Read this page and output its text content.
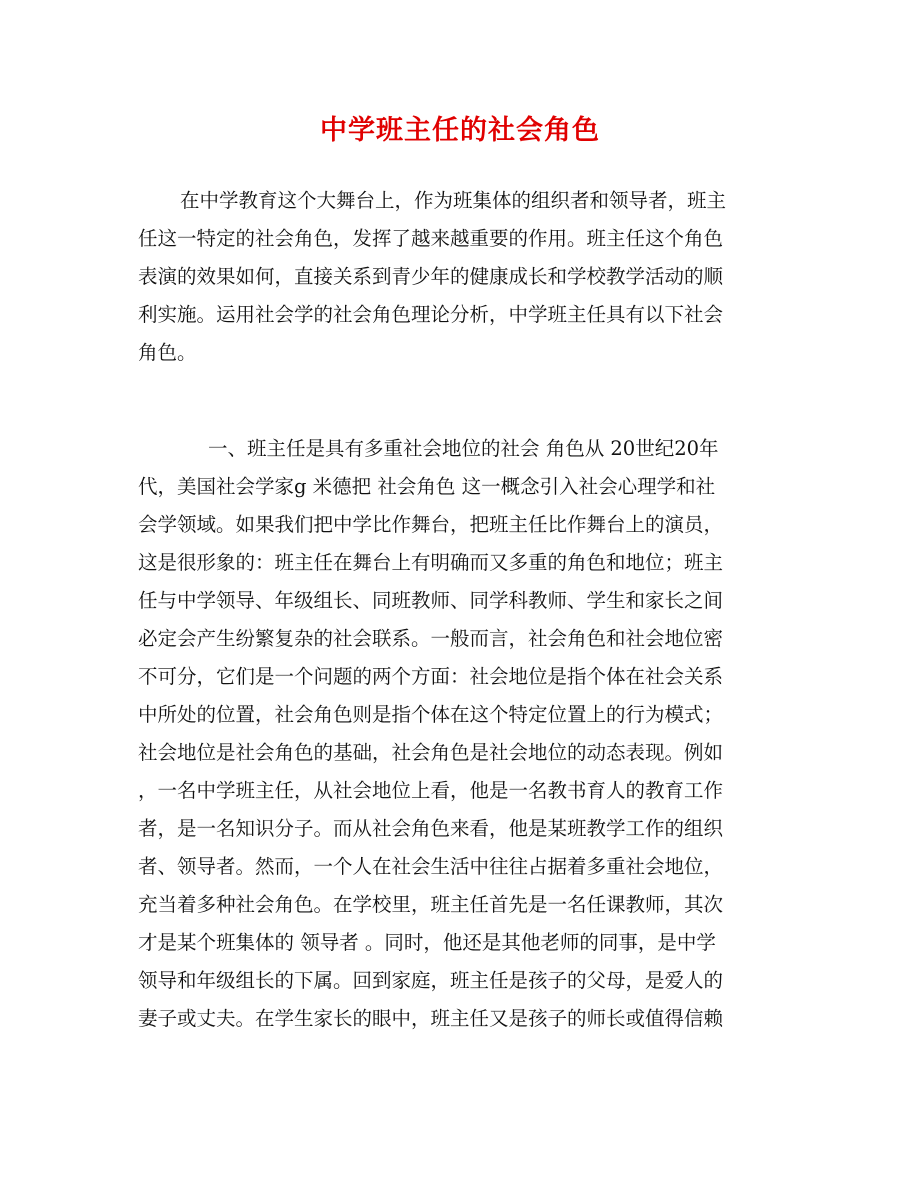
中学班主任的社会角色

在中学教育这个大舞台上，作为班集体的组织者和领导者，班主

任这一特定的社会角色，发挥了越来越重要的作用。班主任这个角色

表演的效果如何，直接关系到青少年的健康成长和学校教学活动的顺

利实施。运用社会学的社会角色理论分析，中学班主任具有以下社会

角色。

一、班主任是具有多重社会地位的社会 角色从 20世纪20年

代，美国社会学家g 米德把 社会角色 这一概念引入社会心理学和社

会学领域。如果我们把中学比作舞台，把班主任比作舞台上的演员，

这是很形象的：班主任在舞台上有明确而又多重的角色和地位；班主

任与中学领导、年级组长、同班教师、同学科教师、学生和家长之间

必定会产生纷繁复杂的社会联系。一般而言，社会角色和社会地位密

不可分，它们是一个问题的两个方面：社会地位是指个体在社会关系

中所处的位置，社会角色则是指个体在这个特定位置上的行为模式；

社会地位是社会角色的基础，社会角色是社会地位的动态表现。例如

，一名中学班主任，从社会地位上看，他是一名教书育人的教育工作

者，是一名知识分子。而从社会角色来看，他是某班教学工作的组织

者、领导者。然而，一个人在社会生活中往往占据着多重社会地位，

充当着多种社会角色。在学校里，班主任首先是一名任课教师，其次

才是某个班集体的 领导者 。同时，他还是其他老师的同事，是中学

领导和年级组长的下属。回到家庭，班主任是孩子的父母，是爱人的

妻子或丈夫。在学生家长的眼中，班主任又是孩子的师长或值得信赖
